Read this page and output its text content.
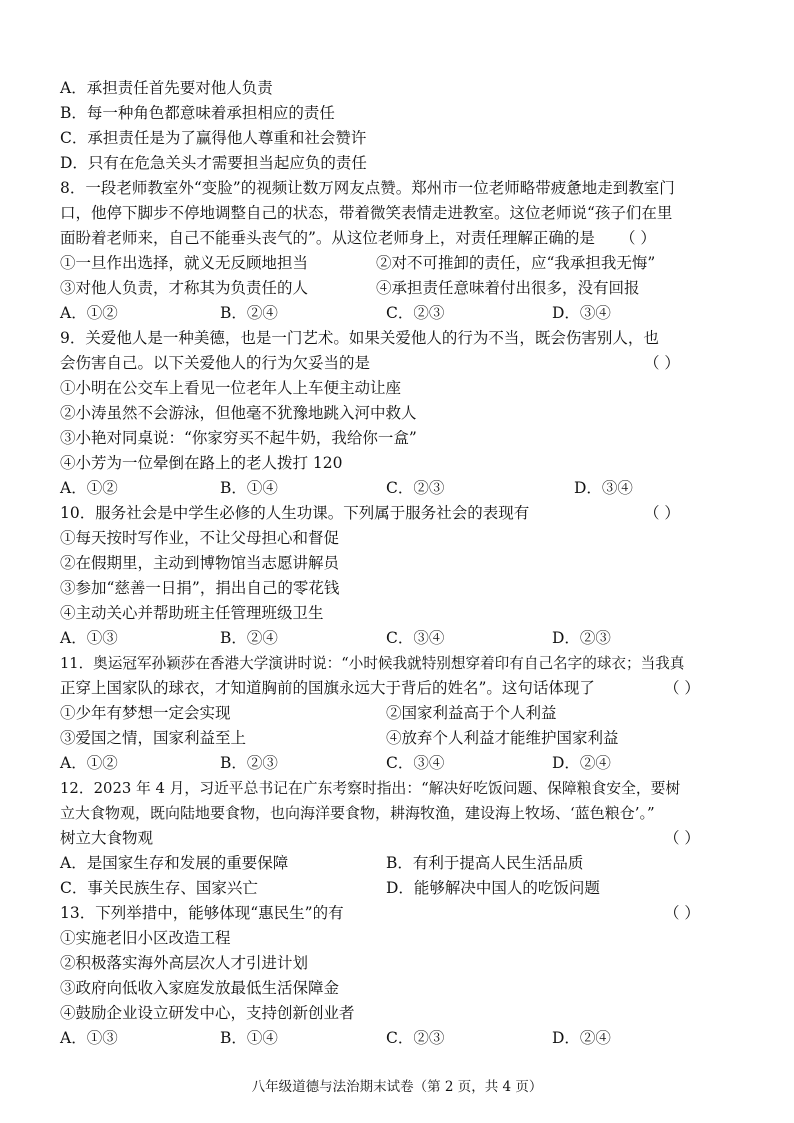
A．承担责任首先要对他人负责
B．每一种角色都意味着承担相应的责任
C．承担责任是为了赢得他人尊重和社会赞许
D．只有在危急关头才需要担当起应负的责任
8．一段老师教室外“变脸”的视频让数万网友点赞。郑州市一位老师略带疲惫地走到教室门
口，他停下脚步不停地调整自己的状态，带着微笑表情走进教室。这位老师说“孩子们在里
面盼着老师来，自己不能垂头丧气的”。从这位老师身上，对责任理解正确的是 （ ）
①一旦作出选择，就义无反顾地担当	②对不可推卸的责任，应“我承担我无悔”
③对他人负责，才称其为负责任的人	④承担责任意味着付出很多，没有回报
A．①②	B．②④	C．②③	D．③④
9．关爱他人是一种美德，也是一门艺术。如果关爱他人的行为不当，既会伤害别人，也
会伤害自己。以下关爱他人的行为欠妥当的是	（ ）
①小明在公交车上看见一位老年人上车便主动让座
②小涛虽然不会游泳，但他毫不犹豫地跳入河中救人
③小艳对同桌说：“你家穷买不起牛奶，我给你一盒”
④小芳为一位晕倒在路上的老人拨打 120
A．①②	B．①④	C．②③	D．③④
10．服务社会是中学生必修的人生功课。下列属于服务社会的表现有	（ ）
①每天按时写作业，不让父母担心和督促
②在假期里，主动到博物馆当志愿讲解员
③参加“慈善一日捐”，捐出自己的零花钱
④主动关心并帮助班主任管理班级卫生
A．①③	B．②④	C．③④	D．②③
11．奥运冠军孙颖莎在香港大学演讲时说：“小时候我就特别想穿着印有自己名字的球衣；当我真
正穿上国家队的球衣，才知道胸前的国旗永远大于背后的姓名”。这句话体现了	（ ）
①少年有梦想一定会实现	②国家利益高于个人利益
③爱国之情，国家利益至上	④放弃个人利益才能维护国家利益
A．①②	B．②③	C．③④	D．②④
12．2023 年 4 月，习近平总书记在广东考察时指出：“解决好吃饭问题、保障粮食安全，要树
立大食物观，既向陆地要食物，也向海洋要食物，耕海牧渔，建设海上牧场、‘蓝色粮仓’。”
树立大食物观	（ ）
A．是国家生存和发展的重要保障	B．有利于提高人民生活品质
C．事关民族生存、国家兴亡	D．能够解决中国人的吃饭问题
13．下列举措中，能够体现“惠民生”的有	（ ）
①实施老旧小区改造工程
②积极落实海外高层次人才引进计划
③政府向低收入家庭发放最低生活保障金
④鼓励企业设立研发中心，支持创新创业者
A．①③	B．①④	C．②③	D．②④
八年级道德与法治期末试卷（第 2 页，共 4 页）
